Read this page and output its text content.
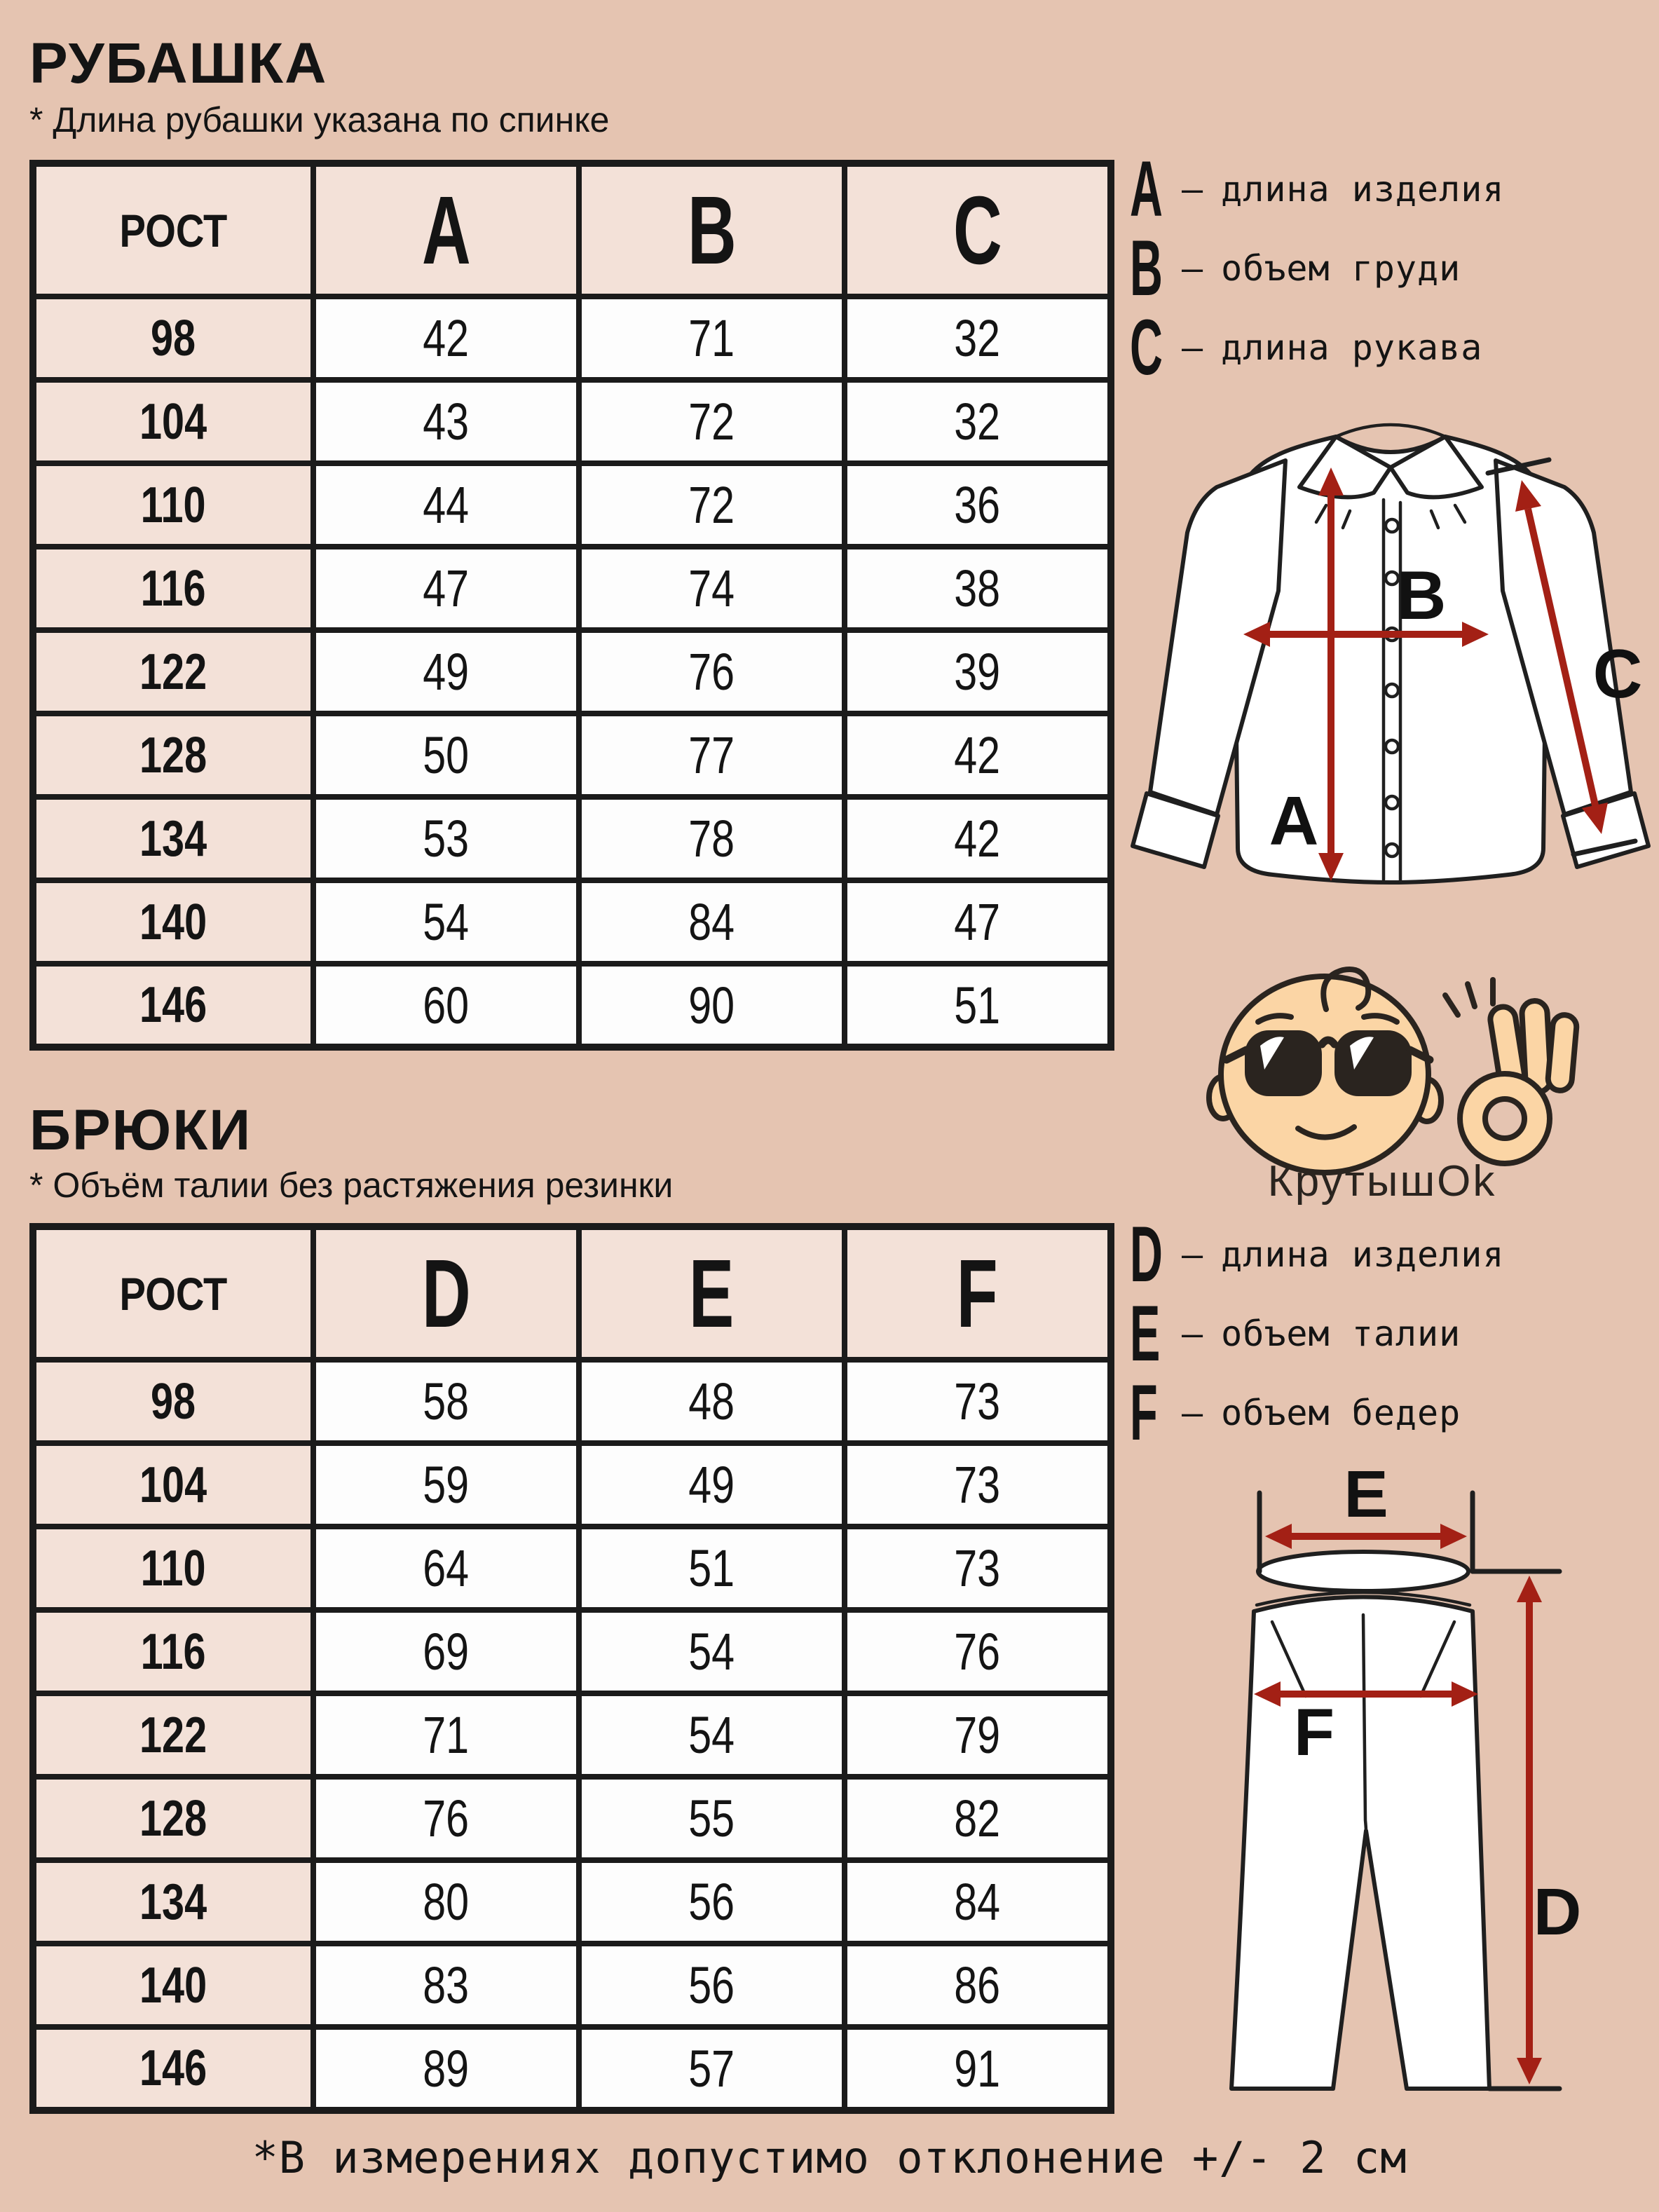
РУБАШКА

* Длина рубашки указана по спинке

РОСТ	A	B	C
98	42	71	32
104	43	72	32
110	44	72	36
116	47	74	38
122	49	76	39
128	50	77	42
134	53	78	42
140	54	84	47
146	60	90	51
A – длина изделия
B – объем груди
C – длина рукава
A
B
C
КрутышОk
БРЮКИ

* Объём талии без растяжения резинки

РОСТ	D	E	F
98	58	48	73
104	59	49	73
110	64	51	73
116	69	54	76
122	71	54	79
128	76	55	82
134	80	56	84
140	83	56	86
146	89	57	91
D – длина изделия
E – объем талии
F – объем бедер
E
F
D

*В измерениях допустимо отклонение +/- 2 см
